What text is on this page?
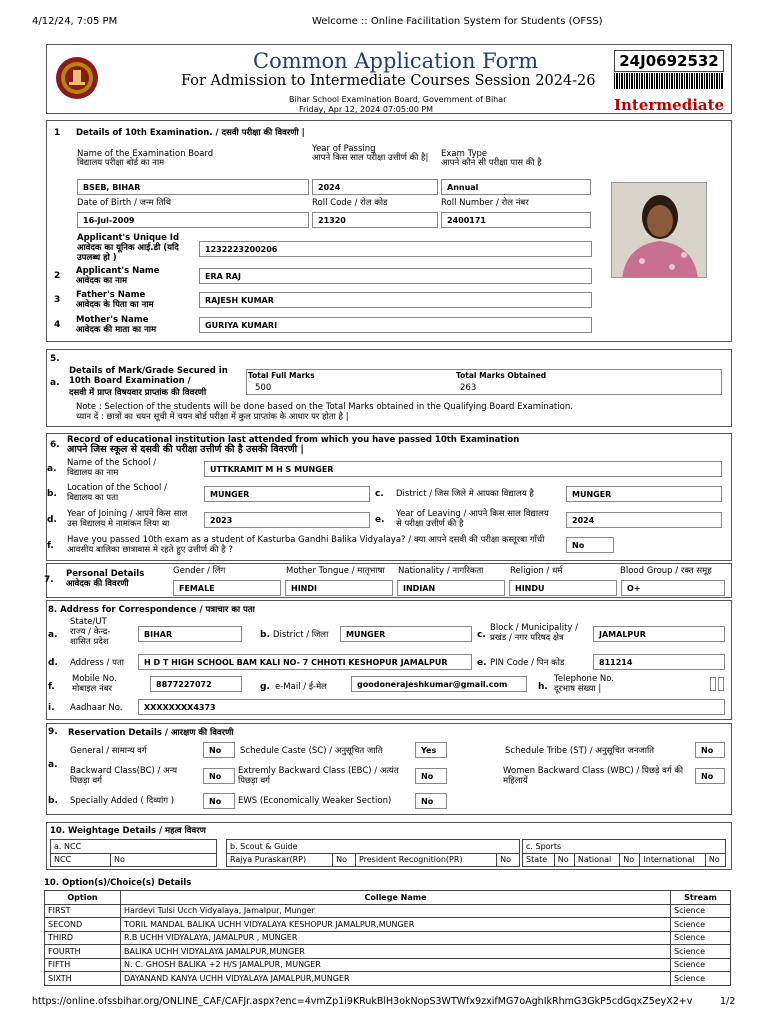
4/12/24, 7:05 PM	Welcome :: Online Facilitation System for Students (OFSS)
https://online.ofssbihar.org/ONLINE_CAF/CAFJr.aspx?enc=4vmZp1i9KRukBlH3okNopS3WTWfx9zxifMG7oAghIkRhmG3GkP5cdGqxZ5eyX2+v	1/2
Common Application Form
For Admission to Intermediate Courses Session 2024-26
Bihar School Examination Board, Government of Bihar
Friday, Apr 12, 2024 07:05:00 PM
24J0692532
Intermediate
1 Details of 10th Examination. / दसवी परीक्षा की विवरणी |
Name of the Examination Board
विद्यालय परीक्षा बोर्ड का नाम
Year of Passing
आपने किस साल परीक्षा उत्तीर्ण की है|	Exam Type
आपने कौन सी परीक्षा पास की है
BSEB, BIHAR	2024	Annual
Date of Birth / जन्म तिथि	Roll Code / रोल कोड	Roll Number / रोल नंबर
16-Jul-2009	21320	2400171
Applicant's Unique Id
आवेदक का यूनिक आई.डी (यदि उपलब्ध हो )
1232223200206
2 Applicant's Name
आवेदक का नाम	ERA RAJ
3 Father's Name
आवेदक के पिता का नाम	RAJESH KUMAR
4 Mother's Name
आवेदक की माता का नाम	GURIYA KUMARI
5.
a.
Details of Mark/Grade Secured in 10th Board Examination /
दसवी में प्राप्त विषयवार प्राप्तांक की विवरणी
Total Full Marks	Total Marks Obtained
500	263
Note : Selection of the students will be done based on the Total Marks obtained in the Qualifying Board Examination.
ध्यान दें : छात्रों का चयन सूची में चयन बोर्ड परीक्षा में कुल प्राप्तांक के आधार पर होता है |
6. Record of educational institution last attended from which you have passed 10th Examination
आपने जिस स्कूल से दसवी की परीक्षा उत्तीर्ण की है उसकी विवरणी |
a.
Name of the School /
विद्यालय का नाम	UTTKRAMIT M H S MUNGER
b.
Location of the School /
विद्यालय का पता	MUNGER	c. District / जिस जिले मे आपका विद्यालय है	MUNGER
d.
Year of Joining / आपने किस साल
उस विद्यालय मे नामांकन लिया था	2023	e.
Year of Leaving / आपने किस साल विद्यालय
से परीक्षा उत्तीर्ण की है	2024
f.
Have you passed 10th exam as a student of Kasturba Gandhi Balika Vidyalaya? / क्या आपने दसवी की परीक्षा कस्तूरबा गाँधी
आवसीय बालिका छात्रावास मे रहते हुए उत्तीर्ण की है ?	No
7.
Personal Details
आवेदक की विवरणी
Gender / लिंग	Mother Tongue / मातृभाषा Nationality / नागरिकता	Religion / धर्म	Blood Group / रक्त समूह
FEMALE	HINDI	INDIAN	HINDU	O+
8. Address for Correspondence / पत्राचार का पता
a.
State/UT
राज्य / केन्द्र-
शासित प्रदेश
BIHAR	b. District / जिला	MUNGER	c.
Block / Municipality /
प्रखंड / नगर परिषद क्षेत्र	JAMALPUR
d. Address / पता	H D T HIGH SCHOOL BAM KALI NO- 7 CHHOTI KESHOPUR JAMALPUR	e. PIN Code / पिन कोड	811214
f.
Mobile No.
मोबाइल नंबर	8877227072	g. e-Mail / ई-मेल	goodonerajeshkumar@gmail.com	h.
Telephone No.
दूरभाष संख्या |
i. Aadhaar No.	XXXXXXXX4373
9. Reservation Details / आरक्षण की विवरणी
a.
General / सामान्य वर्ग	No	Schedule Caste (SC) / अनुसूचित जाति	Yes	Schedule Tribe (ST) / अनुसूचित जनजाति	No
Backward Class(BC) / अन्य
पिछड़ा वर्ग	No
Extremly Backward Class (EBC) / अत्यंत
पिछड़ा वर्ग	No
Women Backward Class (WBC) / पिछड़े वर्ग की
महिलायें	No
b. Specially Added ( दिव्यांग )	No	EWS (Economically Weaker Section)	No
10. Weightage Details / महत्व विवरण
a. NCC
NCC	No
b. Scout & Guide
Rajya Puraskar(RP)	No	President Recognition(PR)	No
c. Sports
State	No	National	No	International	No
10. Option(s)/Choice(s) Details
Option	College Name	Stream
FIRST	Hardevi Tulsi Ucch Vidyalaya, Jamalpur, Munger	Science
SECOND	TORIL MANDAL BALIKA UCHH VIDYALAYA KESHOPUR JAMALPUR,MUNGER	Science
THIRD	R.B UCHH VIDYALAYA, JAMALPUR , MUNGER	Science
FOURTH	BALIKA UCHH VIDYALAYA JAMALPUR,MUNGER	Science
FIFTH	N. C. GHOSH BALIKA +2 H/S JAMALPUR, MUNGER	Science
SIXTH	DAYANAND KANYA UCHH VIDYALAYA JAMALPUR,MUNGER	Science
